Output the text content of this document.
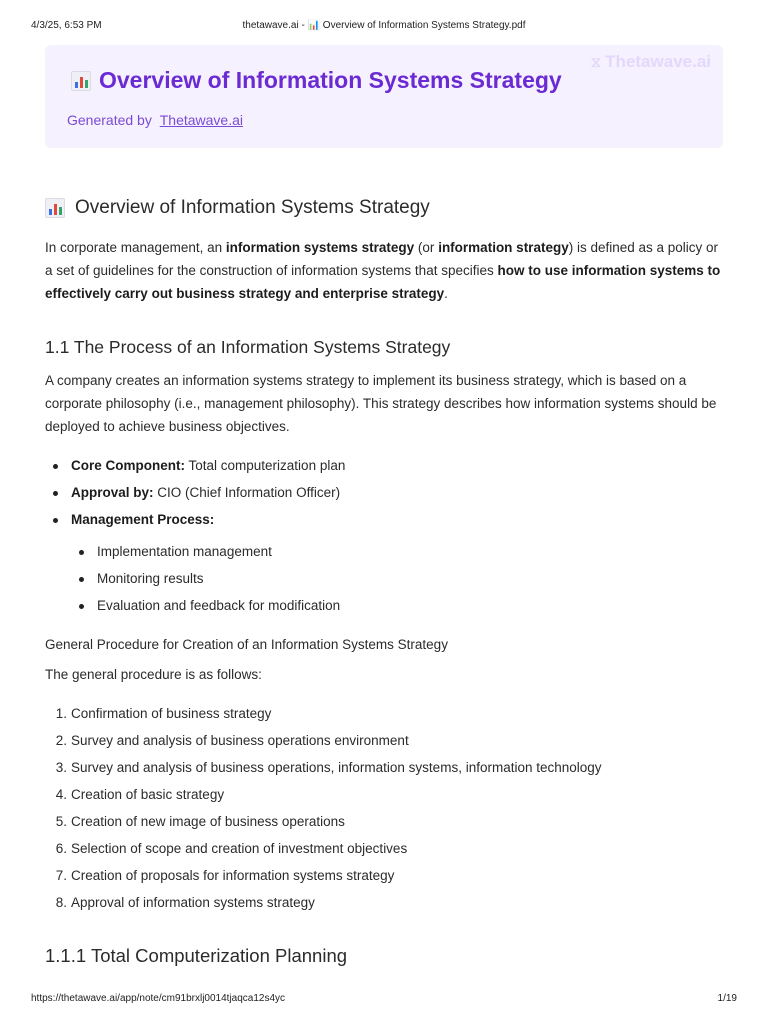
4/3/25, 6:53 PM	thetawave.ai - 📊 Overview of Information Systems Strategy.pdf
⧖ Thetawave.ai
Overview of Information Systems Strategy
Generated by Thetawave.ai
Overview of Information Systems Strategy
In corporate management, an information systems strategy (or information strategy) is defined as a policy or a set of guidelines for the construction of information systems that specifies how to use information systems to effectively carry out business strategy and enterprise strategy.
1.1 The Process of an Information Systems Strategy
A company creates an information systems strategy to implement its business strategy, which is based on a corporate philosophy (i.e., management philosophy). This strategy describes how information systems should be deployed to achieve business objectives.
Core Component: Total computerization plan
Approval by: CIO (Chief Information Officer)
Management Process:
Implementation management
Monitoring results
Evaluation and feedback for modification
General Procedure for Creation of an Information Systems Strategy
The general procedure is as follows:
1. Confirmation of business strategy
2. Survey and analysis of business operations environment
3. Survey and analysis of business operations, information systems, information technology
4. Creation of basic strategy
5. Creation of new image of business operations
6. Selection of scope and creation of investment objectives
7. Creation of proposals for information systems strategy
8. Approval of information systems strategy
1.1.1 Total Computerization Planning
https://thetawave.ai/app/note/cm91brxlj0014tjaqca12s4yc	1/19
